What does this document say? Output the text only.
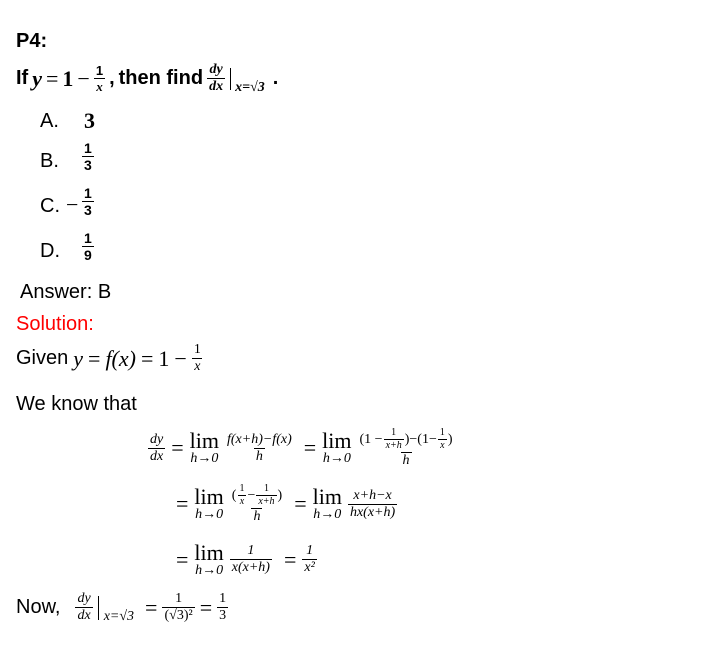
P4:
If $y = 1 - \frac{1}{x}$ , then find $\frac{dy}{dx} x=√3$ .
A. 3
B. $\frac{1}{3}$
C. − $\frac{1}{3}$
D. $\frac{1}{9}$
Answer: B
Solution:
Given $y = f(x) = 1 - \frac{1}{x}$
We know that
$\frac{dy}{dx} = \lim$
$h\to 0 \frac{f(x+h)-f(x)}{h} = \lim$
$h\to 0 \frac{(1 - \frac{1}{x+h} )-(1- \frac{1}{x} )}{h}$
= lim
$h\to 0 \frac{( \frac{1}{x} - \frac{1}{x+h} )}{h} = \lim$
$h\to 0 \frac{x+h-x}{hx(x+h)}$
= lim
$h\to 0 \frac{1}{x(x+h)} = \frac{1}{\text{x²}}$
Now, $\frac{dy}{dx} x=√3 = \frac{1}{\text{(√3)²}} = \frac{1}{3}$
